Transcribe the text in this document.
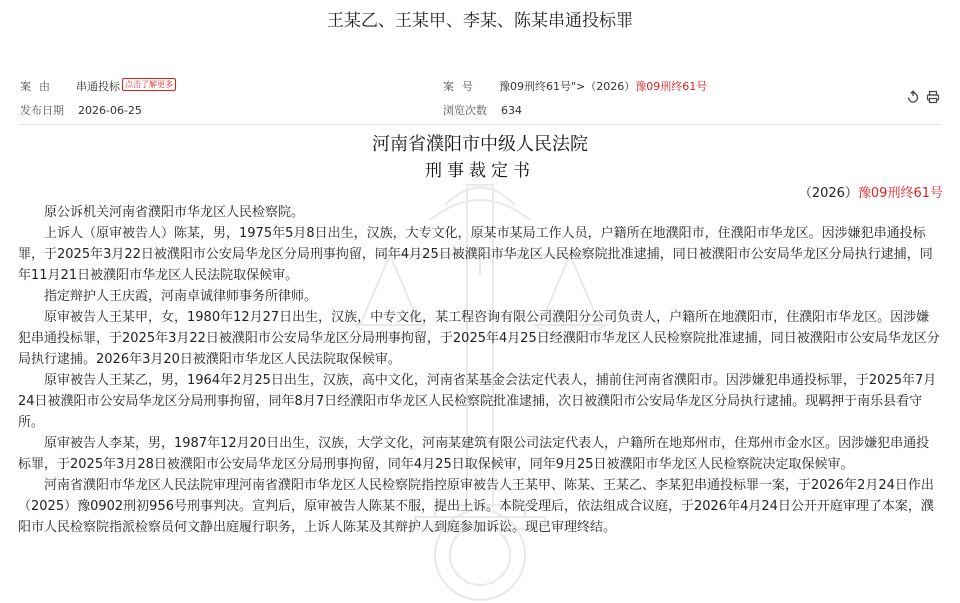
王某乙、王某甲、李某、陈某串通投标罪
案由 串通投标 点击了解更多	案号 豫09刑终61号">（2026）豫09刑终61号
发布日期 2026-06-25	浏览次数 634
河南省濮阳市中级人民法院
刑事裁定书
（2026）豫09刑终61号

原公诉机关河南省濮阳市华龙区人民检察院。

上诉人（原审被告人）陈某，男，1975年5月8日出生，汉族，大专文化，原某市某局工作人员，户籍所在地濮阳市，住濮阳市华龙区。因涉嫌犯串通投标罪，于2025年3月22日被濮阳市公安局华龙区分局刑事拘留，同年4月25日被濮阳市华龙区人民检察院批准逮捕，同日被濮阳市公安局华龙区分局执行逮捕，同年11月21日被濮阳市华龙区人民法院取保候审。

指定辩护人王庆霞，河南卓诚律师事务所律师。

原审被告人王某甲，女，1980年12月27日出生，汉族，中专文化，某工程咨询有限公司濮阳分公司负责人，户籍所在地濮阳市，住濮阳市华龙区。因涉嫌犯串通投标罪，于2025年3月22日被濮阳市公安局华龙区分局刑事拘留，于2025年4月25日经濮阳市华龙区人民检察院批准逮捕，同日被濮阳市公安局华龙区分局执行逮捕。2026年3月20日被濮阳市华龙区人民法院取保候审。

原审被告人王某乙，男，1964年2月25日出生，汉族，高中文化，河南省某基金会法定代表人，捕前住河南省濮阳市。因涉嫌犯串通投标罪，于2025年7月24日被濮阳市公安局华龙区分局刑事拘留，同年8月7日经濮阳市华龙区人民检察院批准逮捕，次日被濮阳市公安局华龙区分局执行逮捕。现羁押于南乐县看守所。

原审被告人李某，男，1987年12月20日出生，汉族，大学文化，河南某建筑有限公司法定代表人，户籍所在地郑州市，住郑州市金水区。因涉嫌犯串通投标罪，于2025年3月28日被濮阳市公安局华龙区分局刑事拘留，同年4月25日取保候审，同年9月25日被濮阳市华龙区人民检察院决定取保候审。

河南省濮阳市华龙区人民法院审理河南省濮阳市华龙区人民检察院指控原审被告人王某甲、陈某、王某乙、李某犯串通投标罪一案，于2026年2月24日作出（2025）豫0902刑初956号刑事判决。宣判后，原审被告人陈某不服，提出上诉。本院受理后，依法组成合议庭，于2026年4月24日公开开庭审理了本案，濮阳市人民检察院指派检察员何文静出庭履行职务，上诉人陈某及其辩护人到庭参加诉讼。现已审理终结。
